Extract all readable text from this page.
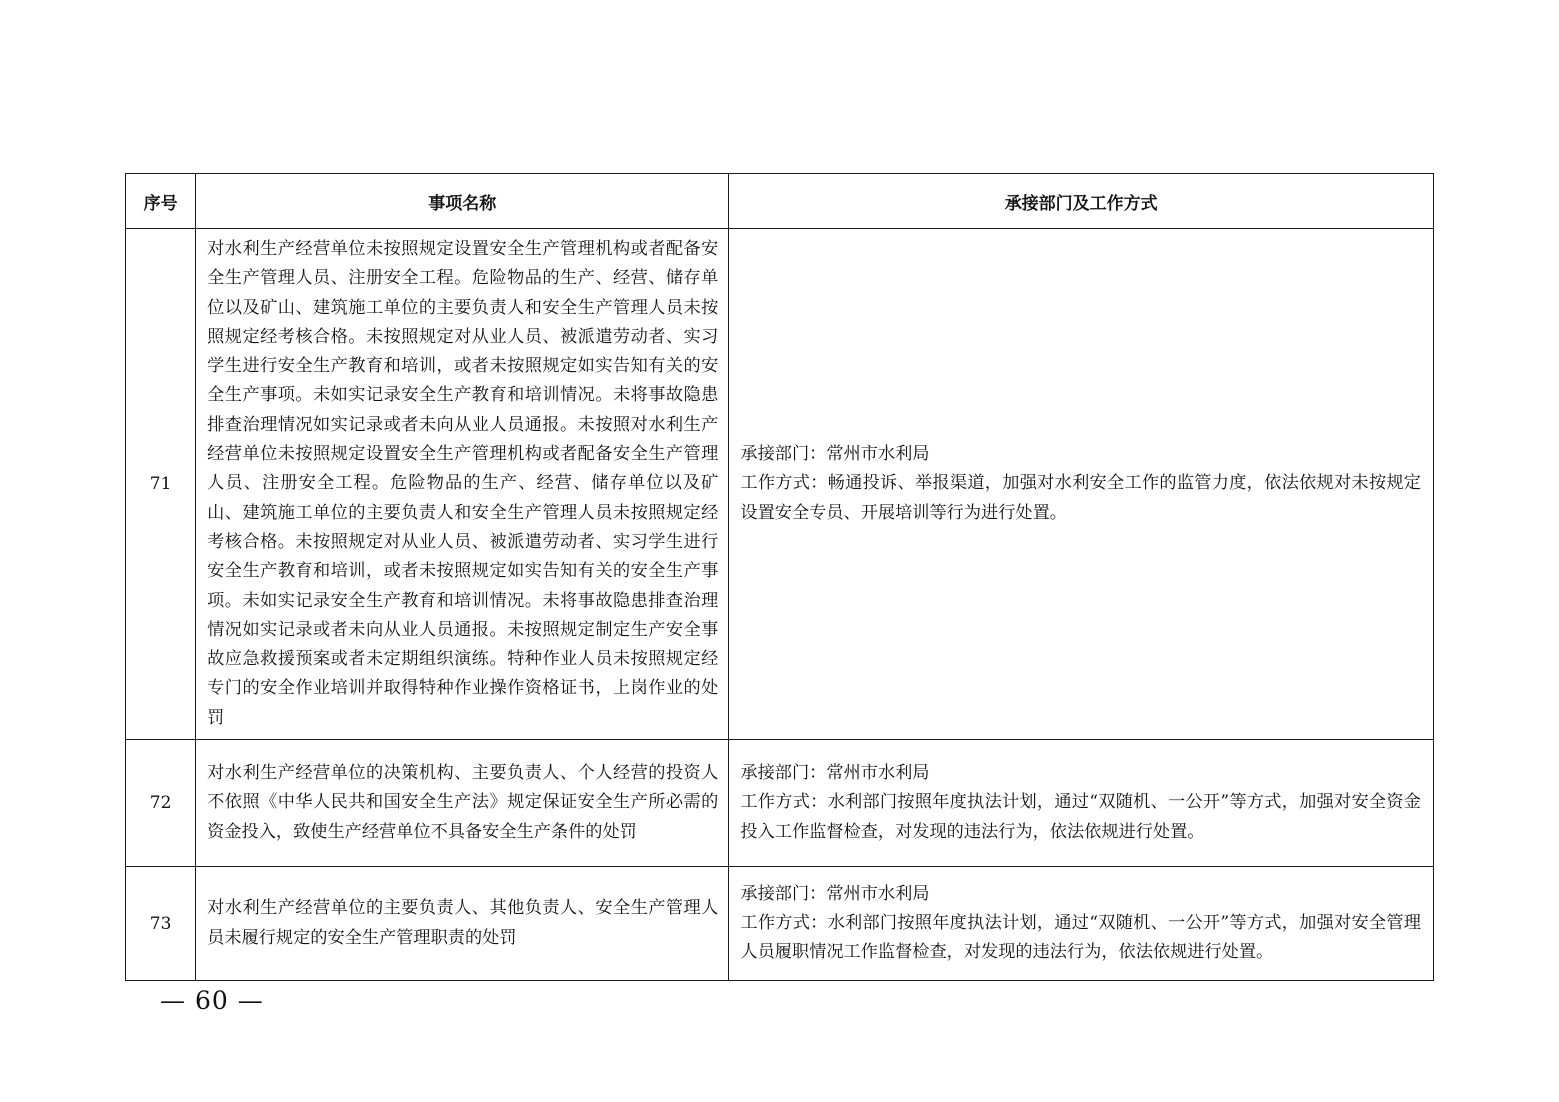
序号	事项名称	承接部门及工作方式
71	对水利生产经营单位未按照规定设置安全生产管理机构或者配备安全生产管理人员、注册安全工程。危险物品的生产、经营、储存单位以及矿山、建筑施工单位的主要负责人和安全生产管理人员未按照规定经考核合格。未按照规定对从业人员、被派遣劳动者、实习学生进行安全生产教育和培训，或者未按照规定如实告知有关的安全生产事项。未如实记录安全生产教育和培训情况。未将事故隐患排查治理情况如实记录或者未向从业人员通报。未按照对水利生产经营单位未按照规定设置安全生产管理机构或者配备安全生产管理人员、注册安全工程。危险物品的生产、经营、储存单位以及矿山、建筑施工单位的主要负责人和安全生产管理人员未按照规定经考核合格。未按照规定对从业人员、被派遣劳动者、实习学生进行安全生产教育和培训，或者未按照规定如实告知有关的安全生产事项。未如实记录安全生产教育和培训情况。未将事故隐患排查治理情况如实记录或者未向从业人员通报。未按照规定制定生产安全事故应急救援预案或者未定期组织演练。特种作业人员未按照规定经专门的安全作业培训并取得特种作业操作资格证书，上岗作业的处罚	承接部门：常州市水利局
工作方式：畅通投诉、举报渠道，加强对水利安全工作的监管力度，依法依规对未按规定设置安全专员、开展培训等行为进行处置。

72	对水利生产经营单位的决策机构、主要负责人、个人经营的投资人不依照《中华人民共和国安全生产法》规定保证安全生产所必需的资金投入，致使生产经营单位不具备安全生产条件的处罚	承接部门：常州市水利局
工作方式：水利部门按照年度执法计划，通过“双随机、一公开”等方式，加强对安全资金投入工作监督检查，对发现的违法行为，依法依规进行处置。

73	对水利生产经营单位的主要负责人、其他负责人、安全生产管理人员未履行规定的安全生产管理职责的处罚	承接部门：常州市水利局
工作方式：水利部门按照年度执法计划，通过“双随机、一公开”等方式，加强对安全管理人员履职情况工作监督检查，对发现的违法行为，依法依规进行处置。
— 60 —
